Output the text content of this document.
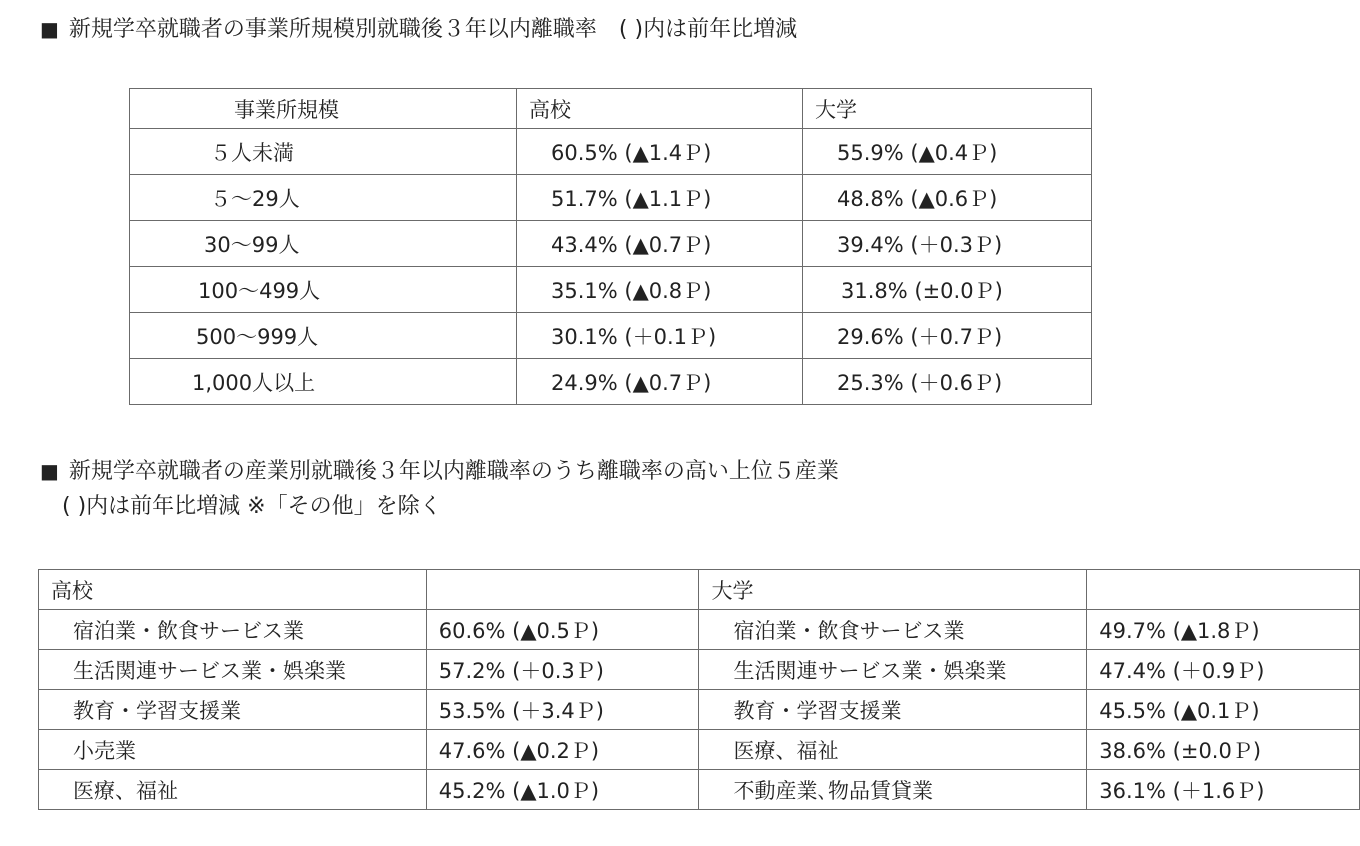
■ 新規学卒就職者の事業所規模別就職後３年以内離職率　( )内は前年比増減
事業所規模	高校	大学
５人未満	60.5% (▲1.4Ｐ)	55.9% (▲0.4Ｐ)
５～29人	51.7% (▲1.1Ｐ)	48.8% (▲0.6Ｐ)
30～99人	43.4% (▲0.7Ｐ)	39.4% (＋0.3Ｐ)
100～499人	35.1% (▲0.8Ｐ)	31.8% (±0.0Ｐ)
500～999人	30.1% (＋0.1Ｐ)	29.6% (＋0.7Ｐ)
1,000人以上	24.9% (▲0.7Ｐ)	25.3% (＋0.6Ｐ)
■ 新規学卒就職者の産業別就職後３年以内離職率のうち離職率の高い上位５産業
( )内は前年比増減 ※「その他」を除く
高校		大学	
宿泊業・飲食サービス業	60.6% (▲0.5Ｐ)	宿泊業・飲食サービス業	49.7% (▲1.8Ｐ)
生活関連サービス業・娯楽業	57.2% (＋0.3Ｐ)	生活関連サービス業・娯楽業	47.4% (＋0.9Ｐ)
教育・学習支援業	53.5% (＋3.4Ｐ)	教育・学習支援業	45.5% (▲0.1Ｐ)
小売業	47.6% (▲0.2Ｐ)	医療、福祉	38.6% (±0.0Ｐ)
医療、福祉	45.2% (▲1.0Ｐ)	不動産業､物品賃貸業	36.1% (＋1.6Ｐ)
